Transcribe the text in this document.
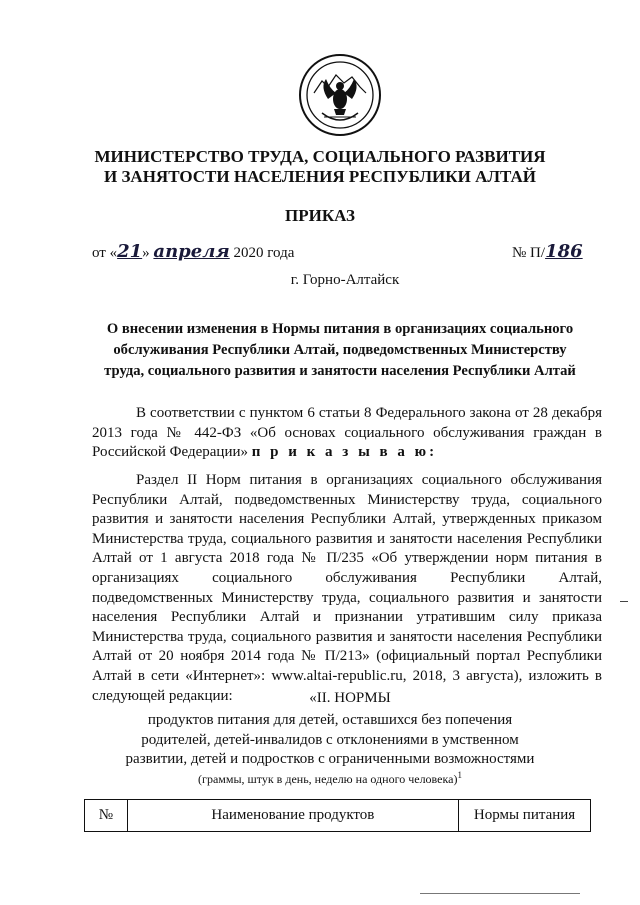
МИНИСТЕРСТВО ТРУДА, СОЦИАЛЬНОГО РАЗВИТИЯ
И ЗАНЯТОСТИ НАСЕЛЕНИЯ РЕСПУБЛИКИ АЛТАЙ
ПРИКАЗ
от «21» апреля 2020 года	№ П/186
г. Горно-Алтайск
О внесении изменения в Нормы питания в организациях социального
обслуживания Республики Алтай, подведомственных Министерству
труда, социального развития и занятости населения Республики Алтай
В соответствии с пунктом 6 статьи 8 Федерального закона от 28 декабря 2013 года № 442-ФЗ «Об основах социального обслуживания граждан в Российской Федерации» п р и к а з ы в а ю:
Раздел II Норм питания в организациях социального обслуживания Республики Алтай, подведомственных Министерству труда, социального развития и занятости населения Республики Алтай, утвержденных приказом Министерства труда, социального развития и занятости населения Республики Алтай от 1 августа 2018 года № П/235 «Об утверждении норм питания в организациях социального обслуживания Республики Алтай, подведомственных Министерству труда, социального развития и занятости населения Республики Алтай и признании утратившим силу приказа Министерства труда, социального развития и занятости населения Республики Алтай от 20 ноября 2014 года № П/213» (официальный портал Республики Алтай в сети «Интернет»: www.altai-republic.ru, 2018, 3 августа), изложить в следующей редакции:	«II. НОРМЫ
продуктов питания для детей, оставшихся без попечения
родителей, детей-инвалидов с отклонениями в умственном
развитии, детей и подростков с ограниченными возможностями
(граммы, штук в день, неделю на одного человека)$^1$
№	Наименование продуктов	Нормы питания
